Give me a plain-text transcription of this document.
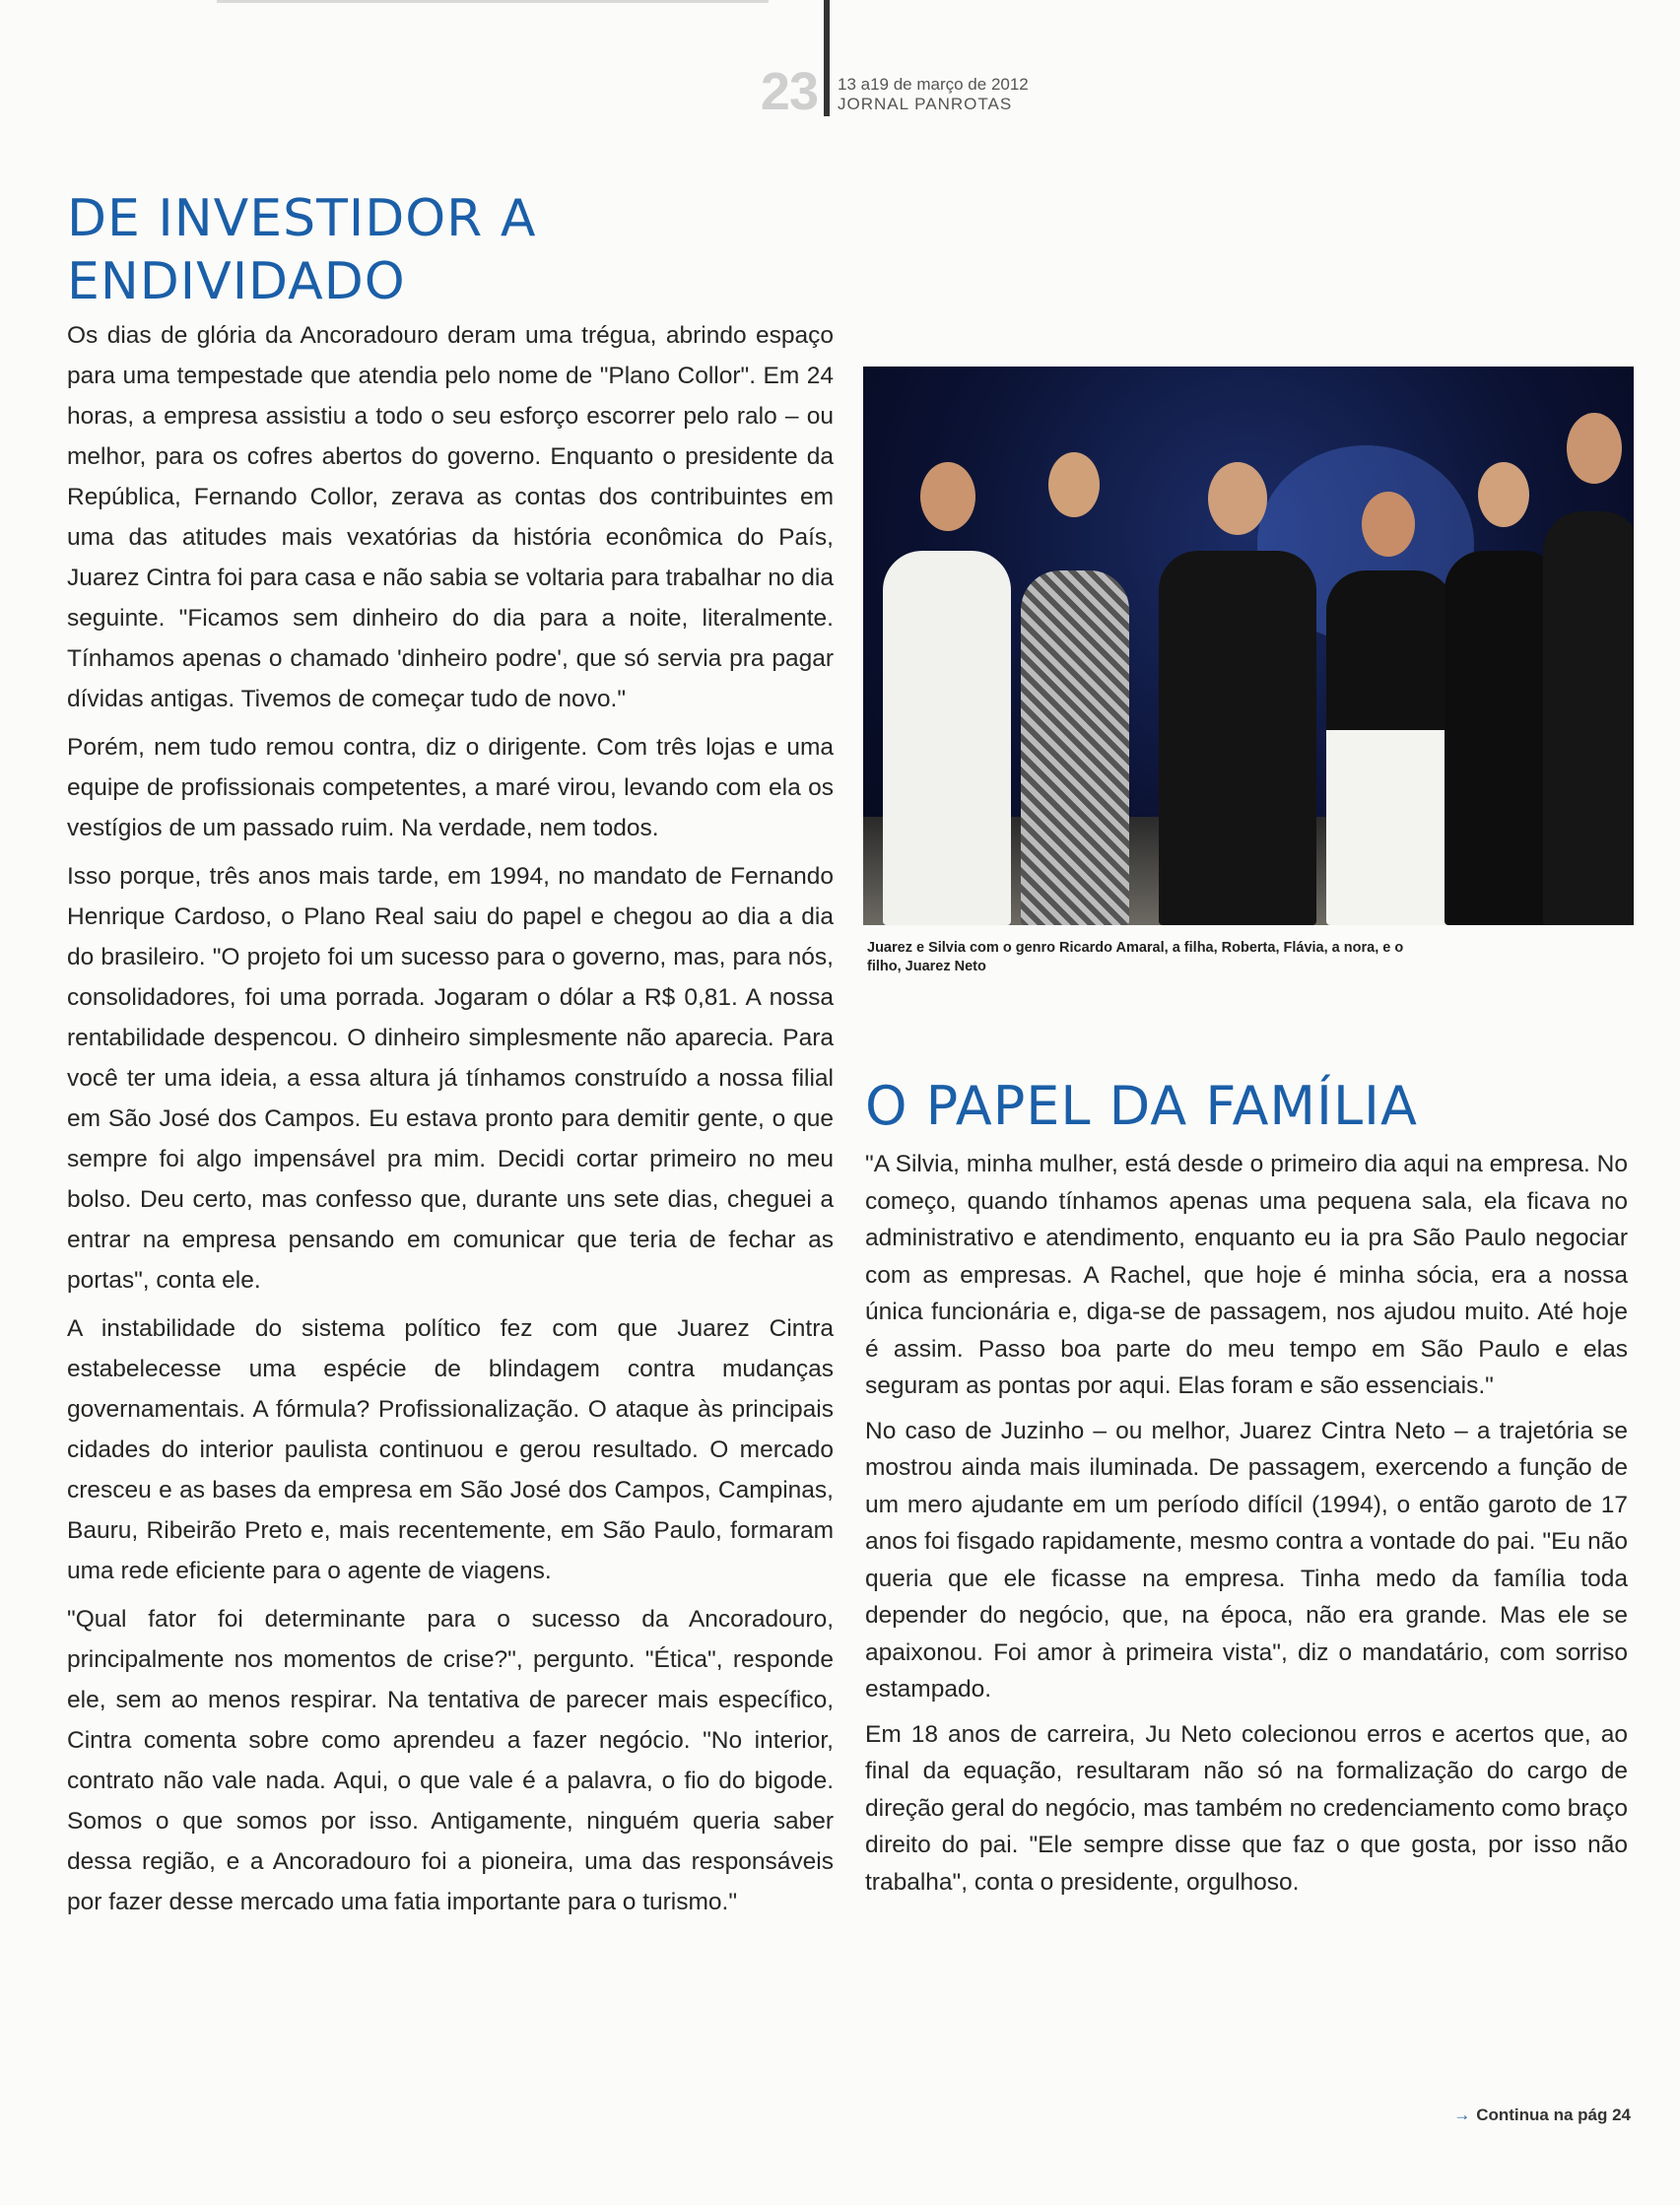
23 13 a19 de março de 2012
JORNAL PANROTAS
DE INVESTIDOR A ENDIVIDADO

Os dias de glória da Ancoradouro deram uma trégua, abrindo espaço para uma tempestade que atendia pelo nome de "Plano Collor". Em 24 horas, a empresa assistiu a todo o seu esforço escorrer pelo ralo – ou melhor, para os cofres abertos do governo. Enquanto o presidente da República, Fernando Collor, zerava as contas dos contribuintes em uma das atitudes mais vexatórias da história econômica do País, Juarez Cintra foi para casa e não sabia se voltaria para trabalhar no dia seguinte. "Ficamos sem dinheiro do dia para a noite, literalmente. Tínhamos apenas o chamado 'dinheiro podre', que só servia pra pagar dívidas antigas. Tivemos de começar tudo de novo."

Porém, nem tudo remou contra, diz o dirigente. Com três lojas e uma equipe de profissionais competentes, a maré virou, levando com ela os vestígios de um passado ruim. Na verdade, nem todos.

Isso porque, três anos mais tarde, em 1994, no mandato de Fernando Henrique Cardoso, o Plano Real saiu do papel e chegou ao dia a dia do brasileiro. "O projeto foi um sucesso para o governo, mas, para nós, consolidadores, foi uma porrada. Jogaram o dólar a R$ 0,81. A nossa rentabilidade despencou. O dinheiro simplesmente não aparecia. Para você ter uma ideia, a essa altura já tínhamos construído a nossa filial em São José dos Campos. Eu estava pronto para demitir gente, o que sempre foi algo impensável pra mim. Decidi cortar primeiro no meu bolso. Deu certo, mas confesso que, durante uns sete dias, cheguei a entrar na empresa pensando em comunicar que teria de fechar as portas", conta ele.

A instabilidade do sistema político fez com que Juarez Cintra estabelecesse uma espécie de blindagem contra mudanças governamentais. A fórmula? Profissionalização. O ataque às principais cidades do interior paulista continuou e gerou resultado. O mercado cresceu e as bases da empresa em São José dos Campos, Campinas, Bauru, Ribeirão Preto e, mais recentemente, em São Paulo, formaram uma rede eficiente para o agente de viagens.

"Qual fator foi determinante para o sucesso da Ancoradouro, principalmente nos momentos de crise?", pergunto. "Ética", responde ele, sem ao menos respirar. Na tentativa de parecer mais específico, Cintra comenta sobre como aprendeu a fazer negócio. "No interior, contrato não vale nada. Aqui, o que vale é a palavra, o fio do bigode. Somos o que somos por isso. Antigamente, ninguém queria saber dessa região, e a Ancoradouro foi a pioneira, uma das responsáveis por fazer desse mercado uma fatia importante para o turismo."

Juarez e Silvia com o genro Ricardo Amaral, a filha, Roberta, Flávia, a nora, e o filho, Juarez Neto

O PAPEL DA FAMÍLIA

"A Silvia, minha mulher, está desde o primeiro dia aqui na empresa. No começo, quando tínhamos apenas uma pequena sala, ela ficava no administrativo e atendimento, enquanto eu ia pra São Paulo negociar com as empresas. A Rachel, que hoje é minha sócia, era a nossa única funcionária e, diga-se de passagem, nos ajudou muito. Até hoje é assim. Passo boa parte do meu tempo em São Paulo e elas seguram as pontas por aqui. Elas foram e são essenciais."

No caso de Juzinho – ou melhor, Juarez Cintra Neto – a trajetória se mostrou ainda mais iluminada. De passagem, exercendo a função de um mero ajudante em um período difícil (1994), o então garoto de 17 anos foi fisgado rapidamente, mesmo contra a vontade do pai. "Eu não queria que ele ficasse na empresa. Tinha medo da família toda depender do negócio, que, na época, não era grande. Mas ele se apaixonou. Foi amor à primeira vista", diz o mandatário, com sorriso estampado.

Em 18 anos de carreira, Ju Neto colecionou erros e acertos que, ao final da equação, resultaram não só na formalização do cargo de direção geral do negócio, mas também no credenciamento como braço direito do pai. "Ele sempre disse que faz o que gosta, por isso não trabalha", conta o presidente, orgulhoso.

→ Continua na pág 24
